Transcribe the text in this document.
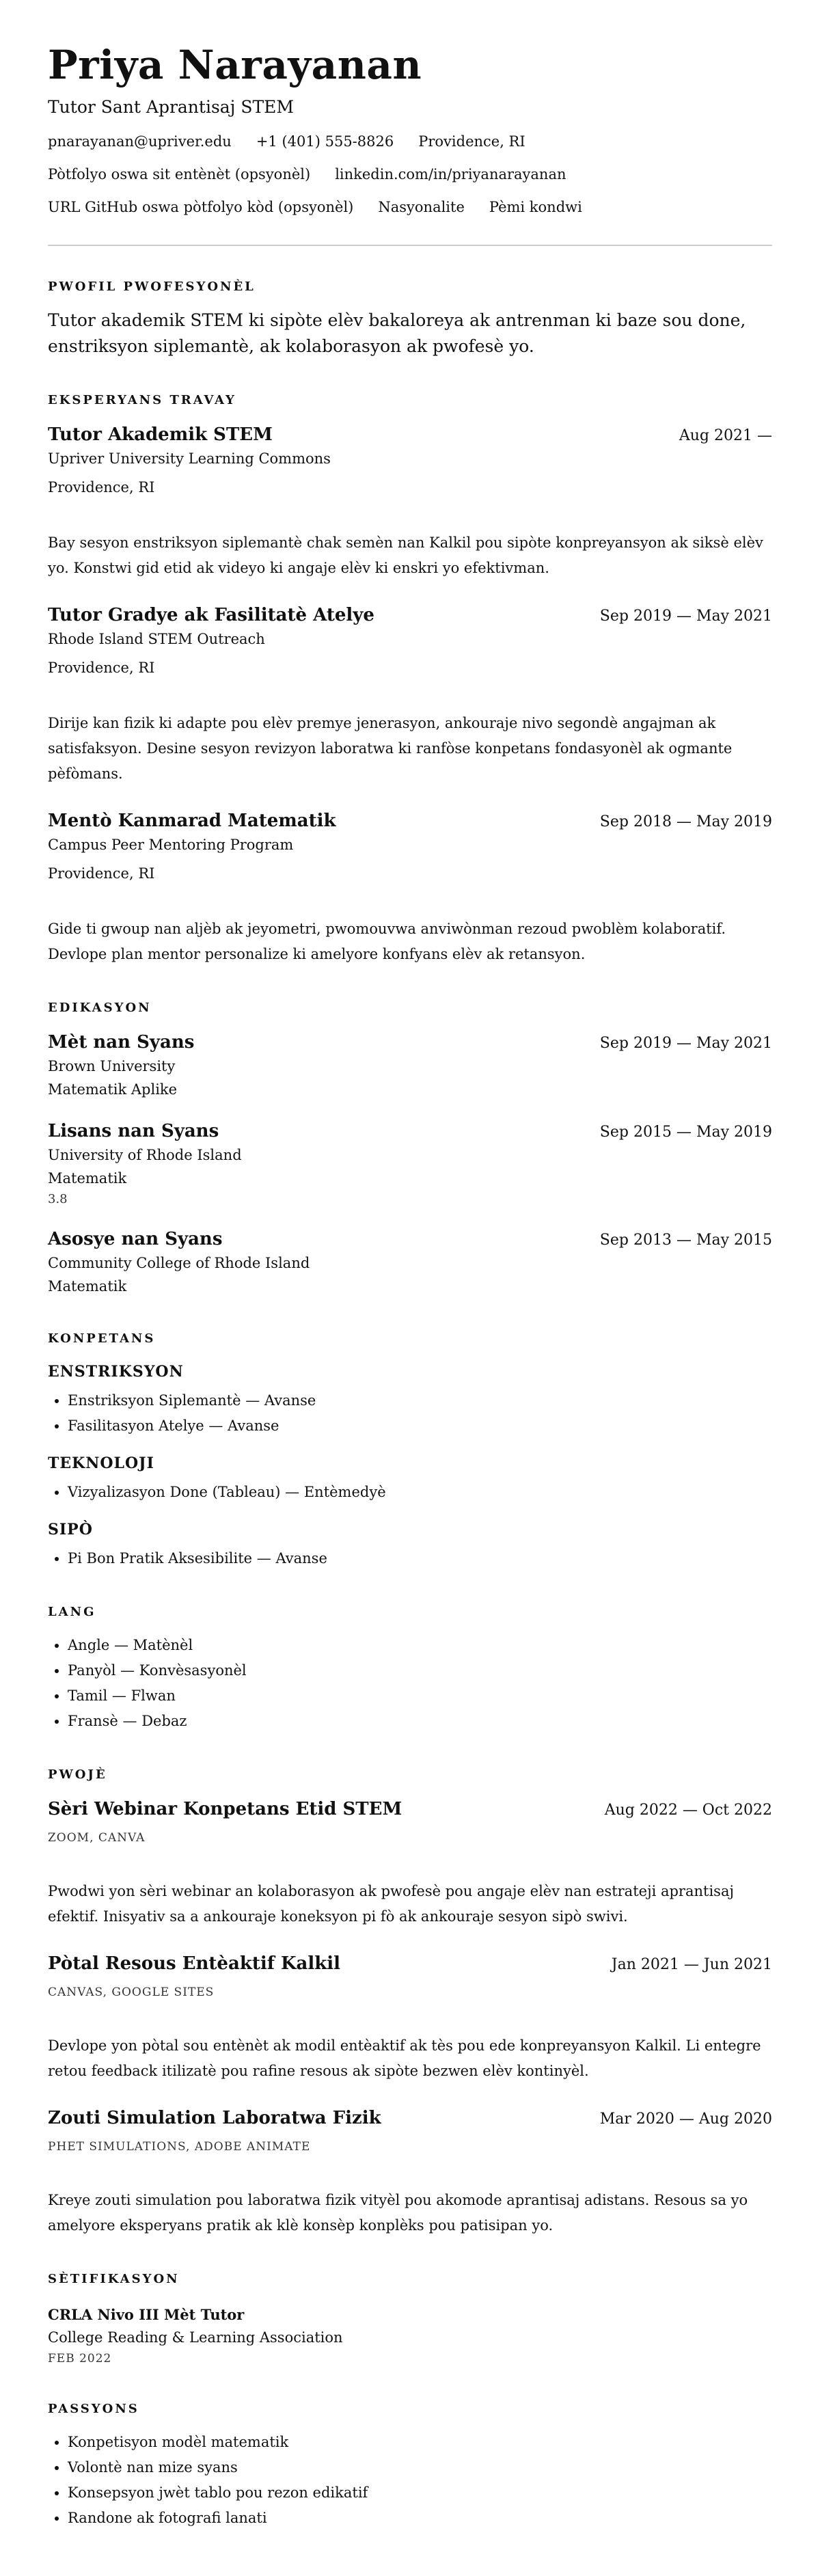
Priya Narayanan
Tutor Sant Aprantisaj STEM
pnarayanan@upriver.edu +1 (401) 555-8826 Providence, RI
Pòtfolyo oswa sit entènèt (opsyonèl) linkedin.com/in/priyanarayanan
URL GitHub oswa pòtfolyo kòd (opsyonèl) Nasyonalite Pèmi kondwi
PWOFIL PWOFESYONÈL
Tutor akademik STEM ki sipòte elèv bakaloreya ak antrenman ki baze sou done, enstriksyon siplemantè, ak kolaborasyon ak pwofesè yo.
EKSPERYANS TRAVAY
Tutor Akademik STEM	Aug 2021 —
Upriver University Learning Commons
Providence, RI
Bay sesyon enstriksyon siplemantè chak semèn nan Kalkil pou sipòte konpreyansyon ak siksè elèv yo. Konstwi gid etid ak videyo ki angaje elèv ki enskri yo efektivman.
Tutor Gradye ak Fasilitatè Atelye	Sep 2019 — May 2021
Rhode Island STEM Outreach
Providence, RI
Dirije kan fizik ki adapte pou elèv premye jenerasyon, ankouraje nivo segondè angajman ak satisfaksyon. Desine sesyon revizyon laboratwa ki ranfòse konpetans fondasyonèl ak ogmante pèfòmans.
Mentò Kanmarad Matematik	Sep 2018 — May 2019
Campus Peer Mentoring Program
Providence, RI
Gide ti gwoup nan aljèb ak jeyometri, pwomouvwa anviwònman rezoud pwoblèm kolaboratif. Devlope plan mentor personalize ki amelyore konfyans elèv ak retansyon.
EDIKASYON
Mèt nan Syans	Sep 2019 — May 2021
Brown University
Matematik Aplike
Lisans nan Syans	Sep 2015 — May 2019
University of Rhode Island
Matematik
3.8
Asosye nan Syans	Sep 2013 — May 2015
Community College of Rhode Island
Matematik
KONPETANS
ENSTRIKSYON
• Enstriksyon Siplemantè — Avanse
• Fasilitasyon Atelye — Avanse
TEKNOLOJI
• Vizyalizasyon Done (Tableau) — Entèmedyè
SIPÒ
• Pi Bon Pratik Aksesibilite — Avanse
LANG
• Angle — Matènèl
• Panyòl — Konvèsasyonèl
• Tamil — Flwan
• Fransè — Debaz
PWOJÈ
Sèri Webinar Konpetans Etid STEM	Aug 2022 — Oct 2022
ZOOM, CANVA
Pwodwi yon sèri webinar an kolaborasyon ak pwofesè pou angaje elèv nan estrateji aprantisaj efektif. Inisyativ sa a ankouraje koneksyon pi fò ak ankouraje sesyon sipò swivi.
Pòtal Resous Entèaktif Kalkil	Jan 2021 — Jun 2021
CANVAS, GOOGLE SITES
Devlope yon pòtal sou entènèt ak modil entèaktif ak tès pou ede konpreyansyon Kalkil. Li entegre retou feedback itilizatè pou rafine resous ak sipòte bezwen elèv kontinyèl.
Zouti Simulation Laboratwa Fizik	Mar 2020 — Aug 2020
PHET SIMULATIONS, ADOBE ANIMATE
Kreye zouti simulation pou laboratwa fizik vityèl pou akomode aprantisaj adistans. Resous sa yo amelyore eksperyans pratik ak klè konsèp konplèks pou patisipan yo.
SÈTIFIKASYON
CRLA Nivo III Mèt Tutor
College Reading & Learning Association
FEB 2022
PASSYONS
• Konpetisyon modèl matematik
• Volontè nan mize syans
• Konsepsyon jwèt tablo pou rezon edikatif
• Randone ak fotografi lanati
